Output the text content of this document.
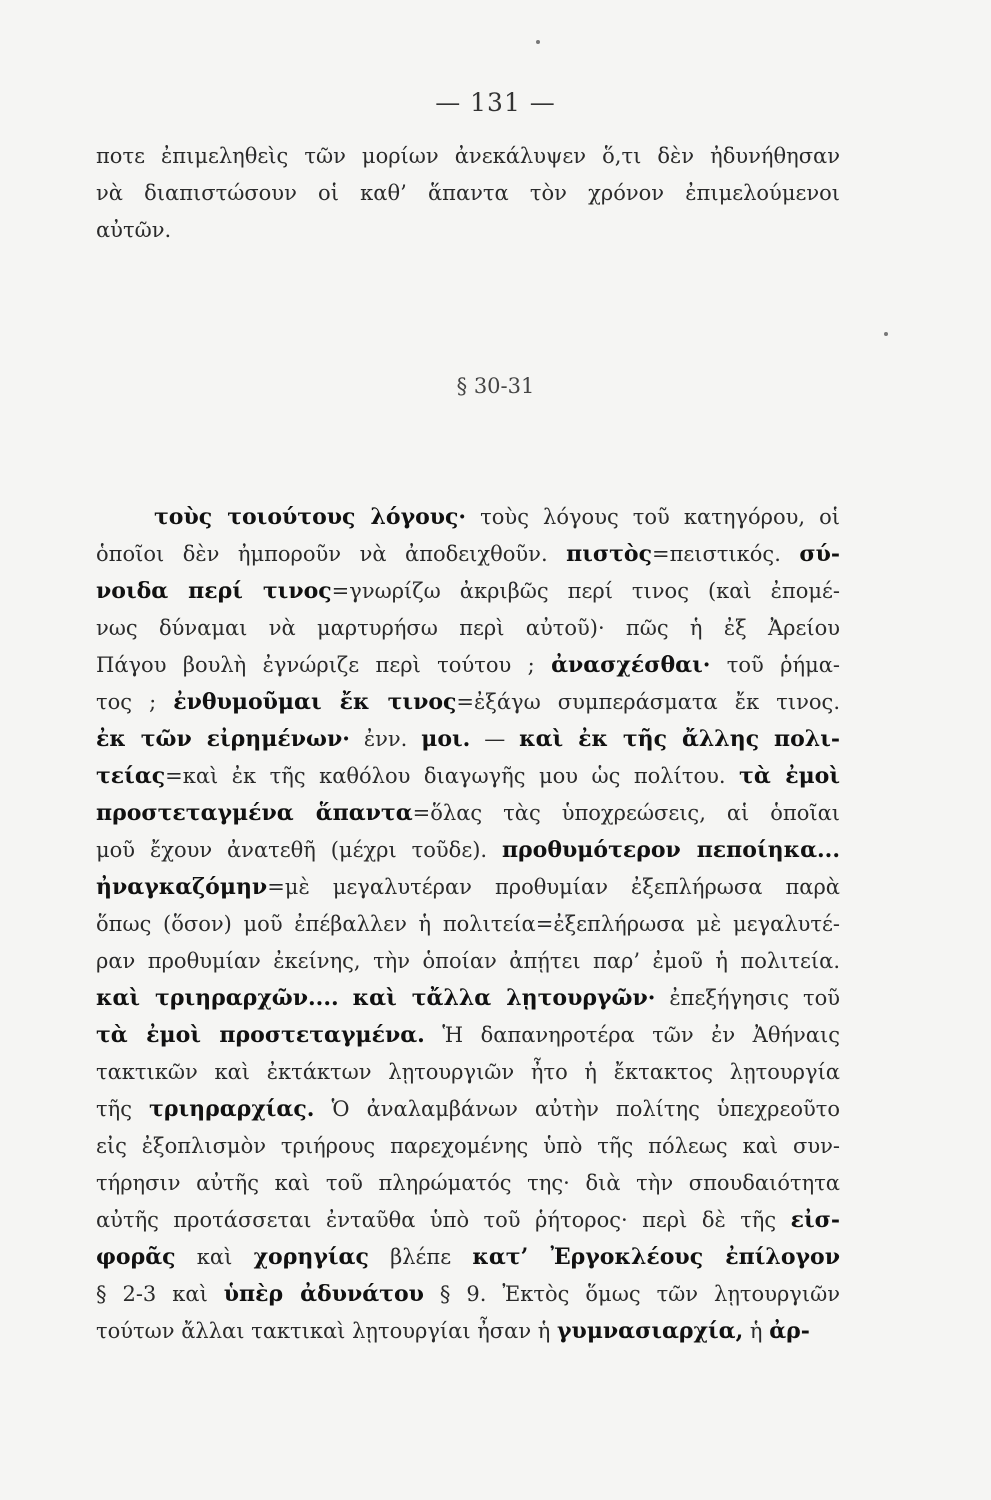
— 131 —
ποτε ἐπιμεληθεὶς τῶν μορίων ἀνεκάλυψεν ὅ,τι δὲν ἠδυνήθησαν
νὰ διαπιστώσουν οἱ καθ’ ἅπαντα τὸν χρόνον ἐπιμελούμενοι
αὐτῶν.
§ 30-31
τοὺς τοιούτους λόγους· τοὺς λόγους τοῦ κατηγόρου, οἱ
ὁποῖοι δὲν ἠμποροῦν νὰ ἀποδειχθοῦν. πιστὸς=πειστικός. σύ-
νοιδα περί τινος=γνωρίζω ἀκριβῶς περί τινος (καὶ ἐπομέ-
νως δύναμαι νὰ μαρτυρήσω περὶ αὐτοῦ)· πῶς ἡ ἐξ Ἀρείου
Πάγου βουλὴ ἐγνώριζε περὶ τούτου ; ἀνασχέσθαι· τοῦ ῥήμα-
τος ; ἐνθυμοῦμαι ἔκ τινος=ἐξάγω συμπεράσματα ἔκ τινος.
ἐκ τῶν εἰρημένων· ἐνν. μοι. — καὶ ἐκ τῆς ἄλλης πολι-
τείας=καὶ ἐκ τῆς καθόλου διαγωγῆς μου ὡς πολίτου. τὰ ἐμοὶ
προστεταγμένα ἅπαντα=ὅλας τὰς ὑποχρεώσεις, αἱ ὁποῖαι
μοῦ ἔχουν ἀνατεθῆ (μέχρι τοῦδε). προθυμότερον πεποίηκα...
ἠναγκαζόμην=μὲ μεγαλυτέραν προθυμίαν ἐξεπλήρωσα παρὰ
ὅπως (ὅσον) μοῦ ἐπέβαλλεν ἡ πολιτεία=ἐξεπλήρωσα μὲ μεγαλυτέ-
ραν προθυμίαν ἐκείνης, τὴν ὁποίαν ἀπῄτει παρ’ ἐμοῦ ἡ πολιτεία.
καὶ τριηραρχῶν.... καὶ τἄλλα λῃτουργῶν· ἐπεξήγησις τοῦ
τὰ ἐμοὶ προστεταγμένα. Ἡ δαπανηροτέρα τῶν ἐν Ἀθήναις
τακτικῶν καὶ ἐκτάκτων λῃτουργιῶν ἦτο ἡ ἔκτακτος λῃτουργία
τῆς τριηραρχίας. Ὁ ἀναλαμβάνων αὐτὴν πολίτης ὑπεχρεοῦτο
εἰς ἐξοπλισμὸν τριήρους παρεχομένης ὑπὸ τῆς πόλεως καὶ συν-
τήρησιν αὐτῆς καὶ τοῦ πληρώματός της· διὰ τὴν σπουδαιότητα
αὐτῆς προτάσσεται ἐνταῦθα ὑπὸ τοῦ ῥήτορος· περὶ δὲ τῆς εἰσ-
φορᾶς καὶ χορηγίας βλέπε κατ’ Ἐργοκλέους ἐπίλογον
§ 2-3 καὶ ὑπὲρ ἀδυνάτου § 9. Ἐκτὸς ὅμως τῶν λῃτουργιῶν
τούτων ἄλλαι τακτικαὶ λῃτουργίαι ἦσαν ἡ γυμνασιαρχία, ἡ ἀρ-
